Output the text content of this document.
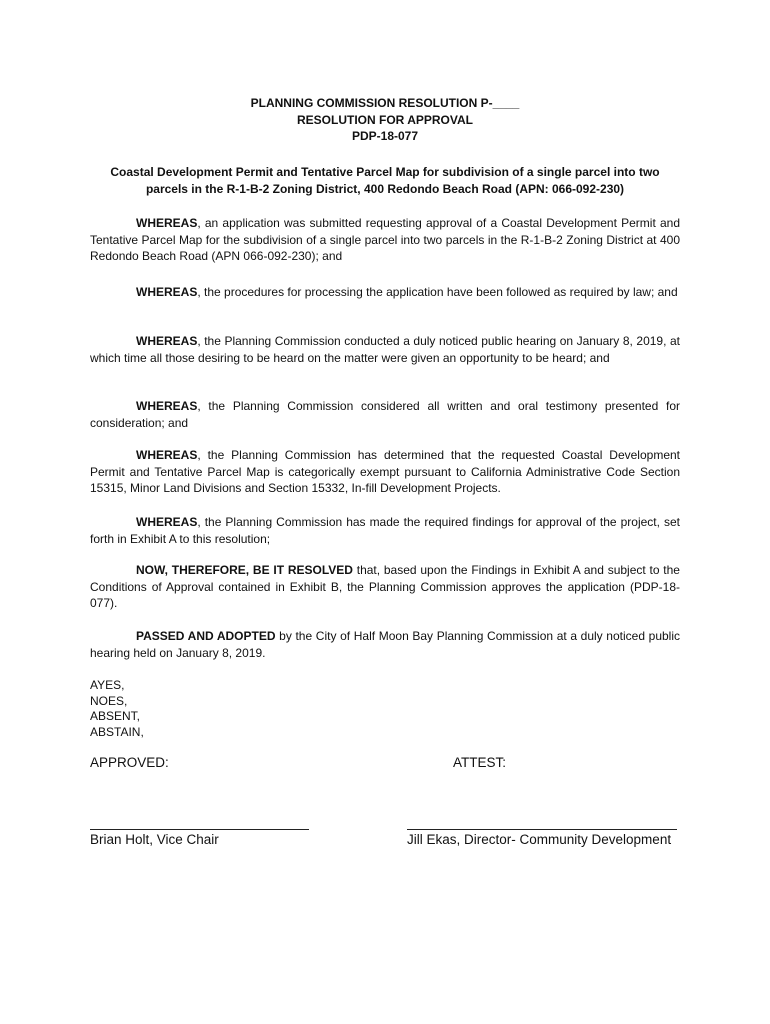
PLANNING COMMISSION RESOLUTION P-____
RESOLUTION FOR APPROVAL
PDP-18-077
Coastal Development Permit and Tentative Parcel Map for subdivision of a single parcel into two
parcels in the R-1-B-2 Zoning District, 400 Redondo Beach Road (APN: 066-092-230)

WHEREAS, an application was submitted requesting approval of a Coastal Development Permit and Tentative Parcel Map for the subdivision of a single parcel into two parcels in the R-1-B-2 Zoning District at 400 Redondo Beach Road (APN 066-092-230); and

WHEREAS, the procedures for processing the application have been followed as required by law; and

WHEREAS, the Planning Commission conducted a duly noticed public hearing on January 8, 2019, at which time all those desiring to be heard on the matter were given an opportunity to be heard; and

WHEREAS, the Planning Commission considered all written and oral testimony presented for consideration; and

WHEREAS, the Planning Commission has determined that the requested Coastal Development Permit and Tentative Parcel Map is categorically exempt pursuant to California Administrative Code Section 15315, Minor Land Divisions and Section 15332, In-fill Development Projects.

WHEREAS, the Planning Commission has made the required findings for approval of the project, set forth in Exhibit A to this resolution;

NOW, THEREFORE, BE IT RESOLVED that, based upon the Findings in Exhibit A and subject to the Conditions of Approval contained in Exhibit B, the Planning Commission approves the application (PDP-18-077).

PASSED AND ADOPTED by the City of Half Moon Bay Planning Commission at a duly noticed public hearing held on January 8, 2019.

AYES,
NOES,
ABSENT,
ABSTAIN,
APPROVED:	ATTEST:
Brian Holt, Vice Chair	Jill Ekas, Director- Community Development
